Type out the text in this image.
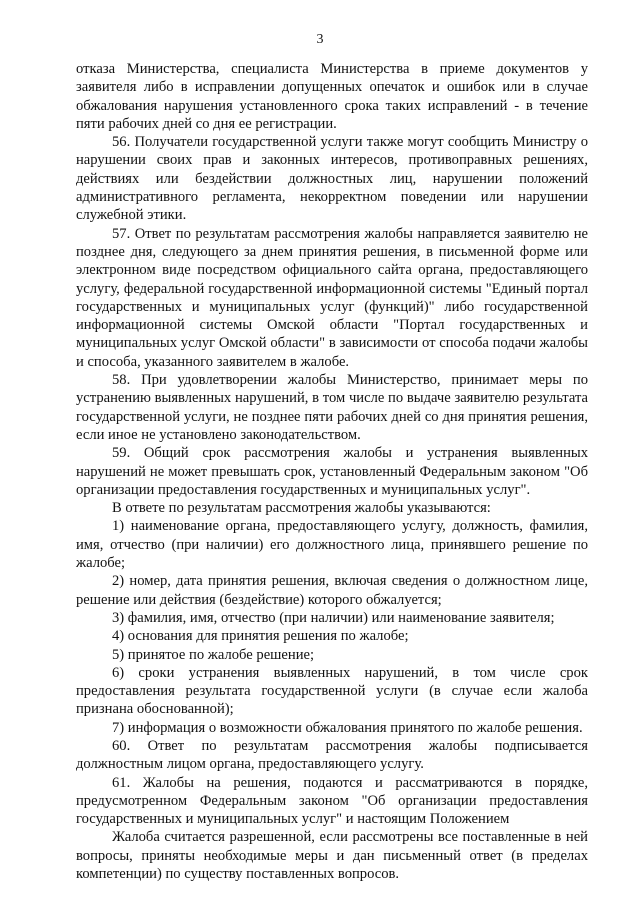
3

отказа Министерства, специалиста Министерства в приеме документов у заявителя либо в исправлении допущенных опечаток и ошибок или в случае обжалования нарушения установленного срока таких исправлений - в течение пяти рабочих дней со дня ее регистрации.

56. Получатели государственной услуги также могут сообщить Министру о нарушении своих прав и законных интересов, противоправных решениях, действиях или бездействии должностных лиц, нарушении положений административного регламента, некорректном поведении или нарушении служебной этики.

57. Ответ по результатам рассмотрения жалобы направляется заявителю не позднее дня, следующего за днем принятия решения, в письменной форме или электронном виде посредством официального сайта органа, предоставляющего услугу, федеральной государственной информационной системы "Единый портал государственных и муниципальных услуг (функций)" либо государственной информационной системы Омской области "Портал государственных и муниципальных услуг Омской области" в зависимости от способа подачи жалобы и способа, указанного заявителем в жалобе.

58. При удовлетворении жалобы Министерство, принимает меры по устранению выявленных нарушений, в том числе по выдаче заявителю результата государственной услуги, не позднее пяти рабочих дней со дня принятия решения, если иное не установлено законодательством.

59. Общий срок рассмотрения жалобы и устранения выявленных нарушений не может превышать срок, установленный Федеральным законом "Об организации предоставления государственных и муниципальных услуг".

В ответе по результатам рассмотрения жалобы указываются:

1) наименование органа, предоставляющего услугу, должность, фамилия, имя, отчество (при наличии) его должностного лица, принявшего решение по жалобе;

2) номер, дата принятия решения, включая сведения о должностном лице, решение или действия (бездействие) которого обжалуется;

3) фамилия, имя, отчество (при наличии) или наименование заявителя;

4) основания для принятия решения по жалобе;

5) принятое по жалобе решение;

6) сроки устранения выявленных нарушений, в том числе срок предоставления результата государственной услуги (в случае если жалоба признана обоснованной);

7) информация о возможности обжалования принятого по жалобе решения.

60. Ответ по результатам рассмотрения жалобы подписывается должностным лицом органа, предоставляющего услугу.

61. Жалобы на решения, подаются и рассматриваются в порядке, предусмотренном Федеральным законом "Об организации предоставления государственных и муниципальных услуг" и настоящим Положением

Жалоба считается разрешенной, если рассмотрены все поставленные в ней вопросы, приняты необходимые меры и дан письменный ответ (в пределах компетенции) по существу поставленных вопросов.
